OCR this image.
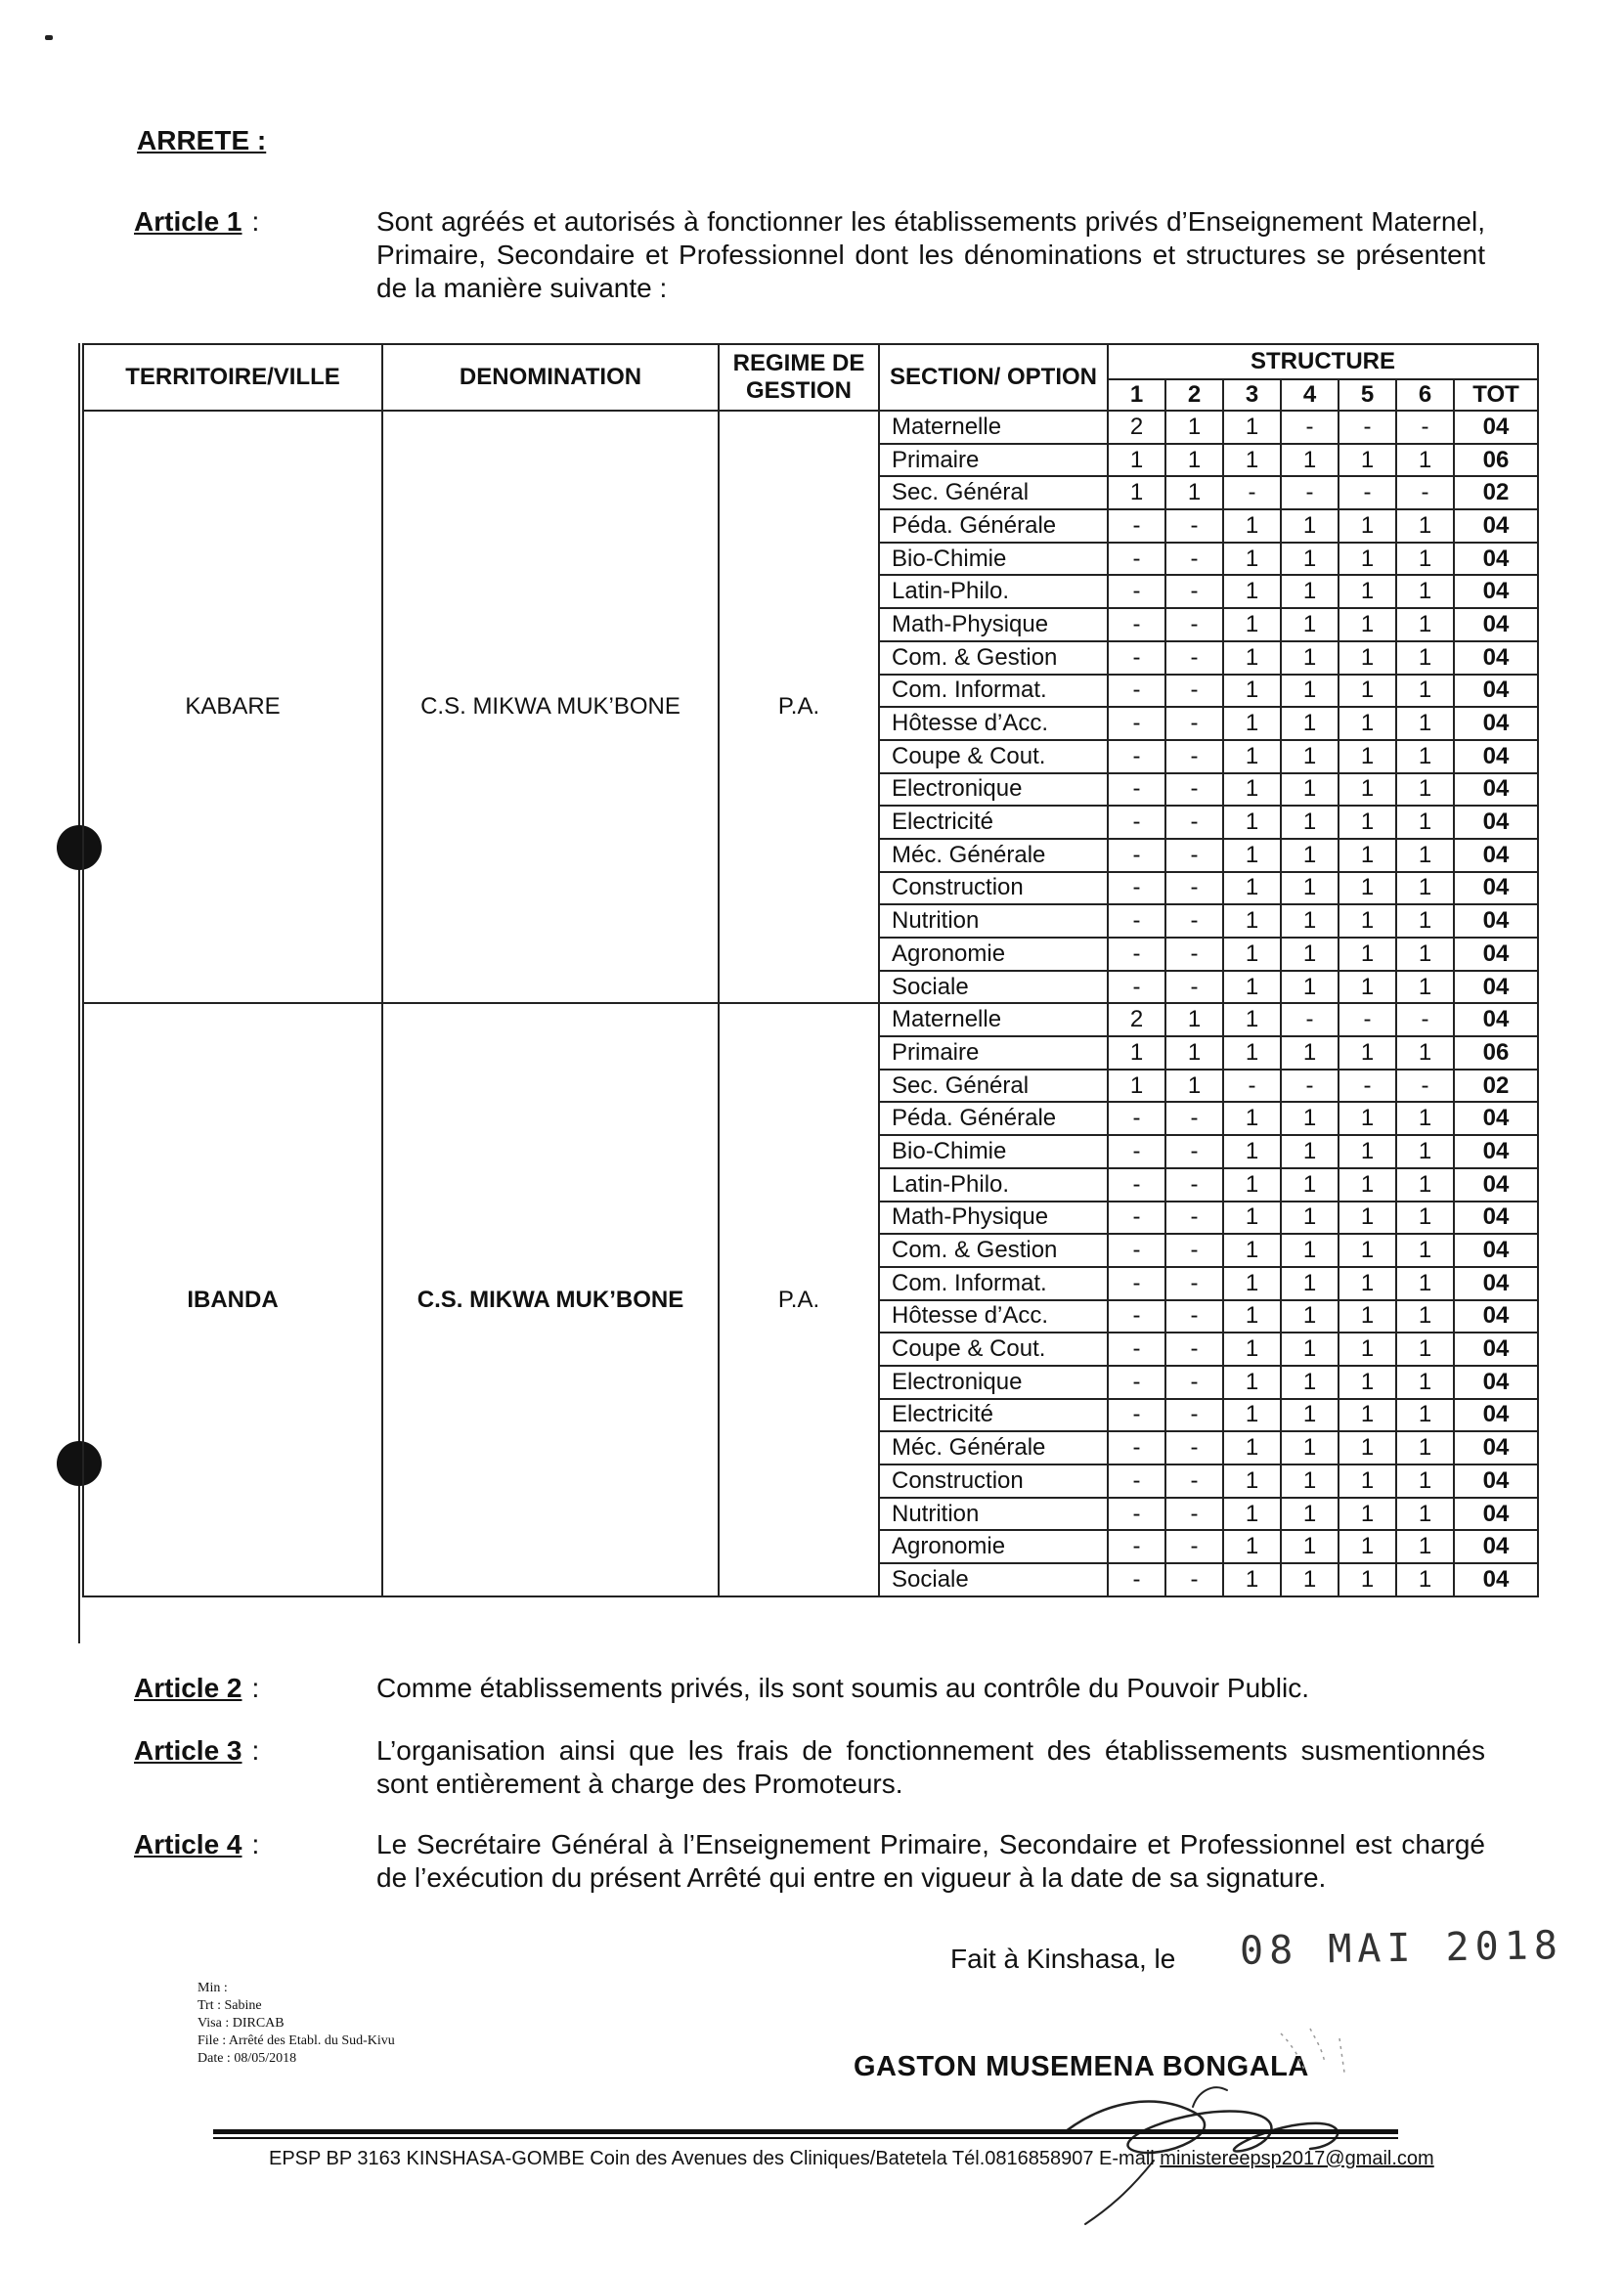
ARRETE :
Article 1 :	Sont agréés et autorisés à fonctionner les établissements privés d’Enseignement Maternel, Primaire, Secondaire et Professionnel dont les dénominations et structures se présentent de la manière suivante :
TERRITOIRE/VILLE	DENOMINATION	REGIME DE GESTION	SECTION/ OPTION	STRUCTURE						
				1	2	3	4	5	6	TOT
KABARE	C.S. MIKWA MUK’BONE	P.A.	Maternelle	2	1	1	-	-	-	04
			Primaire	1	1	1	1	1	1	06
			Sec. Général	1	1	-	-	-	-	02
			Péda. Générale	-	-	1	1	1	1	04
			Bio-Chimie	-	-	1	1	1	1	04
			Latin-Philo.	-	-	1	1	1	1	04
			Math-Physique	-	-	1	1	1	1	04
			Com. & Gestion	-	-	1	1	1	1	04
			Com. Informat.	-	-	1	1	1	1	04
			Hôtesse d’Acc.	-	-	1	1	1	1	04
			Coupe & Cout.	-	-	1	1	1	1	04
			Electronique	-	-	1	1	1	1	04
			Electricité	-	-	1	1	1	1	04
			Méc. Générale	-	-	1	1	1	1	04
			Construction	-	-	1	1	1	1	04
			Nutrition	-	-	1	1	1	1	04
			Agronomie	-	-	1	1	1	1	04
			Sociale	-	-	1	1	1	1	04
IBANDA	C.S. MIKWA MUK’BONE	P.A.	Maternelle	2	1	1	-	-	-	04
			Primaire	1	1	1	1	1	1	06
			Sec. Général	1	1	-	-	-	-	02
			Péda. Générale	-	-	1	1	1	1	04
			Bio-Chimie	-	-	1	1	1	1	04
			Latin-Philo.	-	-	1	1	1	1	04
			Math-Physique	-	-	1	1	1	1	04
			Com. & Gestion	-	-	1	1	1	1	04
			Com. Informat.	-	-	1	1	1	1	04
			Hôtesse d’Acc.	-	-	1	1	1	1	04
			Coupe & Cout.	-	-	1	1	1	1	04
			Electronique	-	-	1	1	1	1	04
			Electricité	-	-	1	1	1	1	04
			Méc. Générale	-	-	1	1	1	1	04
			Construction	-	-	1	1	1	1	04
			Nutrition	-	-	1	1	1	1	04
			Agronomie	-	-	1	1	1	1	04
			Sociale	-	-	1	1	1	1	04
Article 2 :	Comme établissements privés, ils sont soumis au contrôle du Pouvoir Public.
Article 3 :	L’organisation ainsi que les frais de fonctionnement des établissements susmentionnés sont entièrement à charge des Promoteurs.
Article 4 :	Le Secrétaire Général à l’Enseignement Primaire, Secondaire et Professionnel est chargé de l’exécution du présent Arrêté qui entre en vigueur à la date de sa signature.
Fait à Kinshasa, le 08 MAI 2018
Min :
Trt : Sabine
Visa : DIRCAB
File : Arrêté des Etabl. du Sud-Kivu
Date : 08/05/2018	GASTON MUSEMENA BONGALA
EPSP BP 3163 KINSHASA-GOMBE Coin des Avenues des Cliniques/Batetela Tél.0816858907 E-mail ministereepsp2017@gmail.com
